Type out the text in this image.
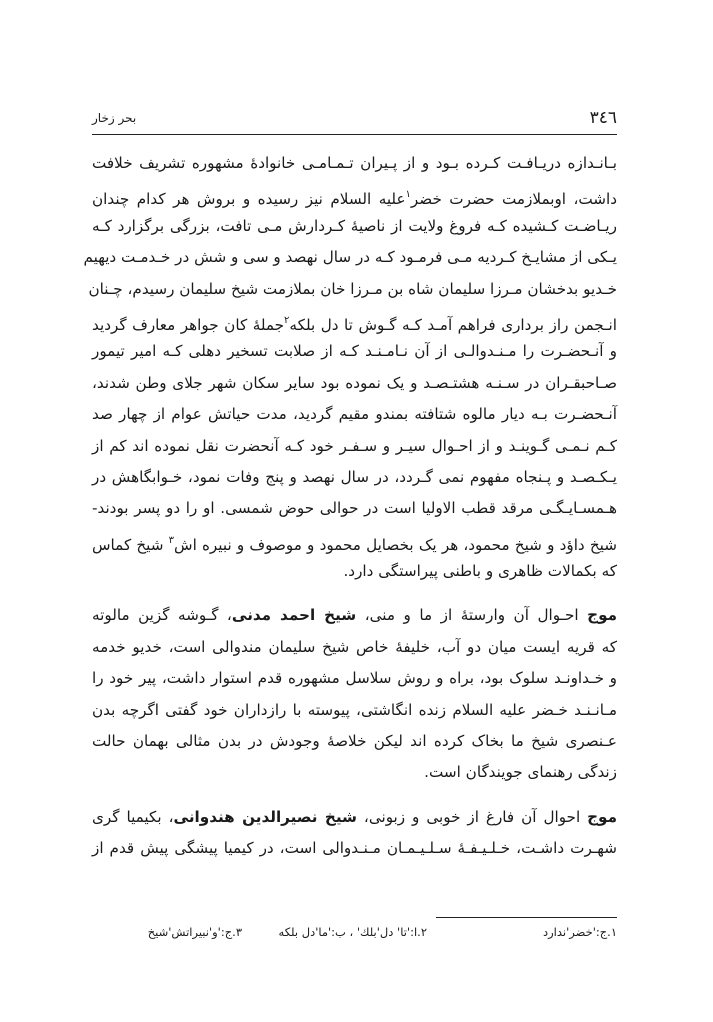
٣٤٦
بحر زخار
بـانـدازه دریـافـت کـرده بـود و از پـیران تـمـامـی خانوادهٔ مشهوره تشریف خلافت
داشت، اوبملازمت حضرت خضر$^١$علیه السلام نیز رسیده و بروش هر کدام چندان
ریـاضـت کـشیده کـه فروغ ولایت از ناصیهٔ کـردارش مـی تافت، بزرگی برگزارد کـه
یـکی از مشایـخ کـردیه مـی فرمـود کـه در سال نهصد و سی و شش در خـدمـت دیهیم
خـدیو بدخشان مـرزا سلیمان شاه بن مـرزا خان بملازمت شیخ سلیمان رسیدم، چـنان
انـجمن راز برداری فراهم آمـد کـه گـوش تا دل بلکه$^٢$جملهٔ کان جواهر معارف گردید
و آنـحضـرت را مـنـدوالـی از آن نـامـنـد کـه از صلابت تسخیر دهلی کـه امیر تیمور
صـاحبقـران در سـنـه هشتـصـد و یک نموده بود سایر سکان شهر جلای وطن شدند،
آنـحضـرت بـه دیار مالوه شتافته بمندو مقیم گردید، مدت حیاتش عوام از چهار صد
کـم نـمـی گـوینـد و از احـوال سیـر و سـفـر خود کـه آنحضرت نقل نموده اند کم از
یـکـصـد و پـنجاه مفهوم نمی گـردد، در سال نهصد و پنج وفات نمود، خـوابگاهش در
هـمسـایـگـی مرقد قطب الاولیا است در حوالی حوض شمسی. او را دو پسر بودند-
شیخ داؤد و شیخ محمود، هر یک بخصایل محمود و موصوف و نبیره اش$^٣$ شیخ کماس
که بکمالات ظاهری و باطنی پیراستگی دارد.
موج احـوال آن وارستهٔ از ما و منی، شیخ احمد مدنی، گـوشه گزین مالوته
که قریه ایست میان دو آب، خلیفهٔ خاص شیخ سلیمان مندوالی است، خدیو خدمه
و خـداونـد سلوک بود، براه و روش سلاسل مشهوره قدم استوار داشت، پیر خود را
مـانـنـد خـضر علیه السلام زنده انگاشتی، پیوسته با رازداران خود گفتی اگرچه بدن
عـنصری شیخ ما بخاک کرده اند لیکن خلاصهٔ وجودش در بدن مثالی بهمان حالت
زندگی رهنمای جویندگان است.
موج احوال آن فارغ از خوبی و زبونی، شیخ نصیرالدین هندوانی، بکیمیا گری
شهـرت داشـت، خـلـیـفـهٔ سـلـیـمـان مـنـدوالی است، در کیمیا پیشگی پیش قدم از
١.ج:'خضر'ندارد
٢.ا:'تا' دل'بلك' ، ب:'ما'دل بلكه
٣.ج:'و'نبيراتش'شيخ
